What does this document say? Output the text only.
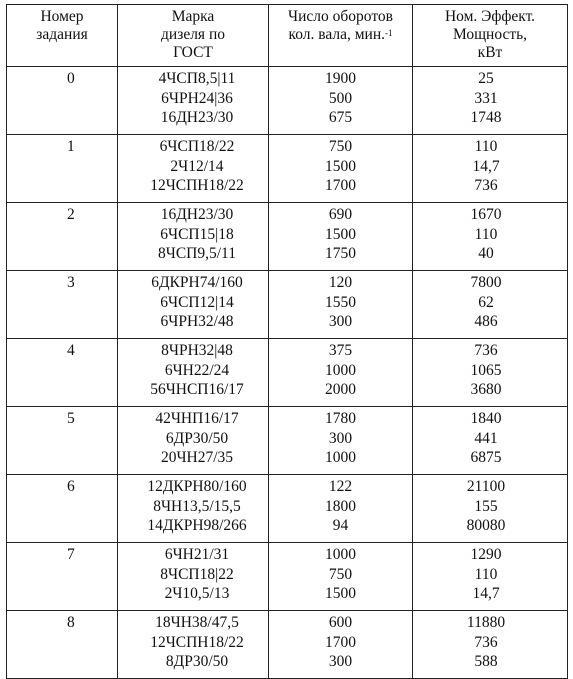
Номер
задания	Марка
дизеля по
ГОСТ	Число оборотов
кол. вала, мин.$^{-1}$	Ном. Эффект.
Мощность,
кВт

0	4ЧСП8,5|11
6ЧРН24|36
16ДН23/30	1900
500
675	25
331
1748

1	6ЧСП18/22
2Ч12/14
12ЧСПН18/22	750
1500
1700	110
14,7
736

2	16ДН23/30
6ЧСП15|18
8ЧСП9,5/11	690
1500
1750	1670
110
40

3	6ДКРН74/160
6ЧСП12|14
6ЧРН32/48	120
1550
300	7800
62
486

4	8ЧРН32|48
6ЧН22/24
56ЧНСП16/17	375
1000
2000	736
1065
3680

5	42ЧНП16/17
6ДР30/50
20ЧН27/35	1780
300
1000	1840
441
6875

6	12ДКРН80/160
8ЧН13,5/15,5
14ДКРН98/266	122
1800
94	21100
155
80080

7	6ЧН21/31
8ЧСП18|22
2Ч10,5/13	1000
750
1500	1290
110
14,7

8	18ЧН38/47,5
12ЧСПН18/22
8ДР30/50	600
1700
300	11880
736
588
